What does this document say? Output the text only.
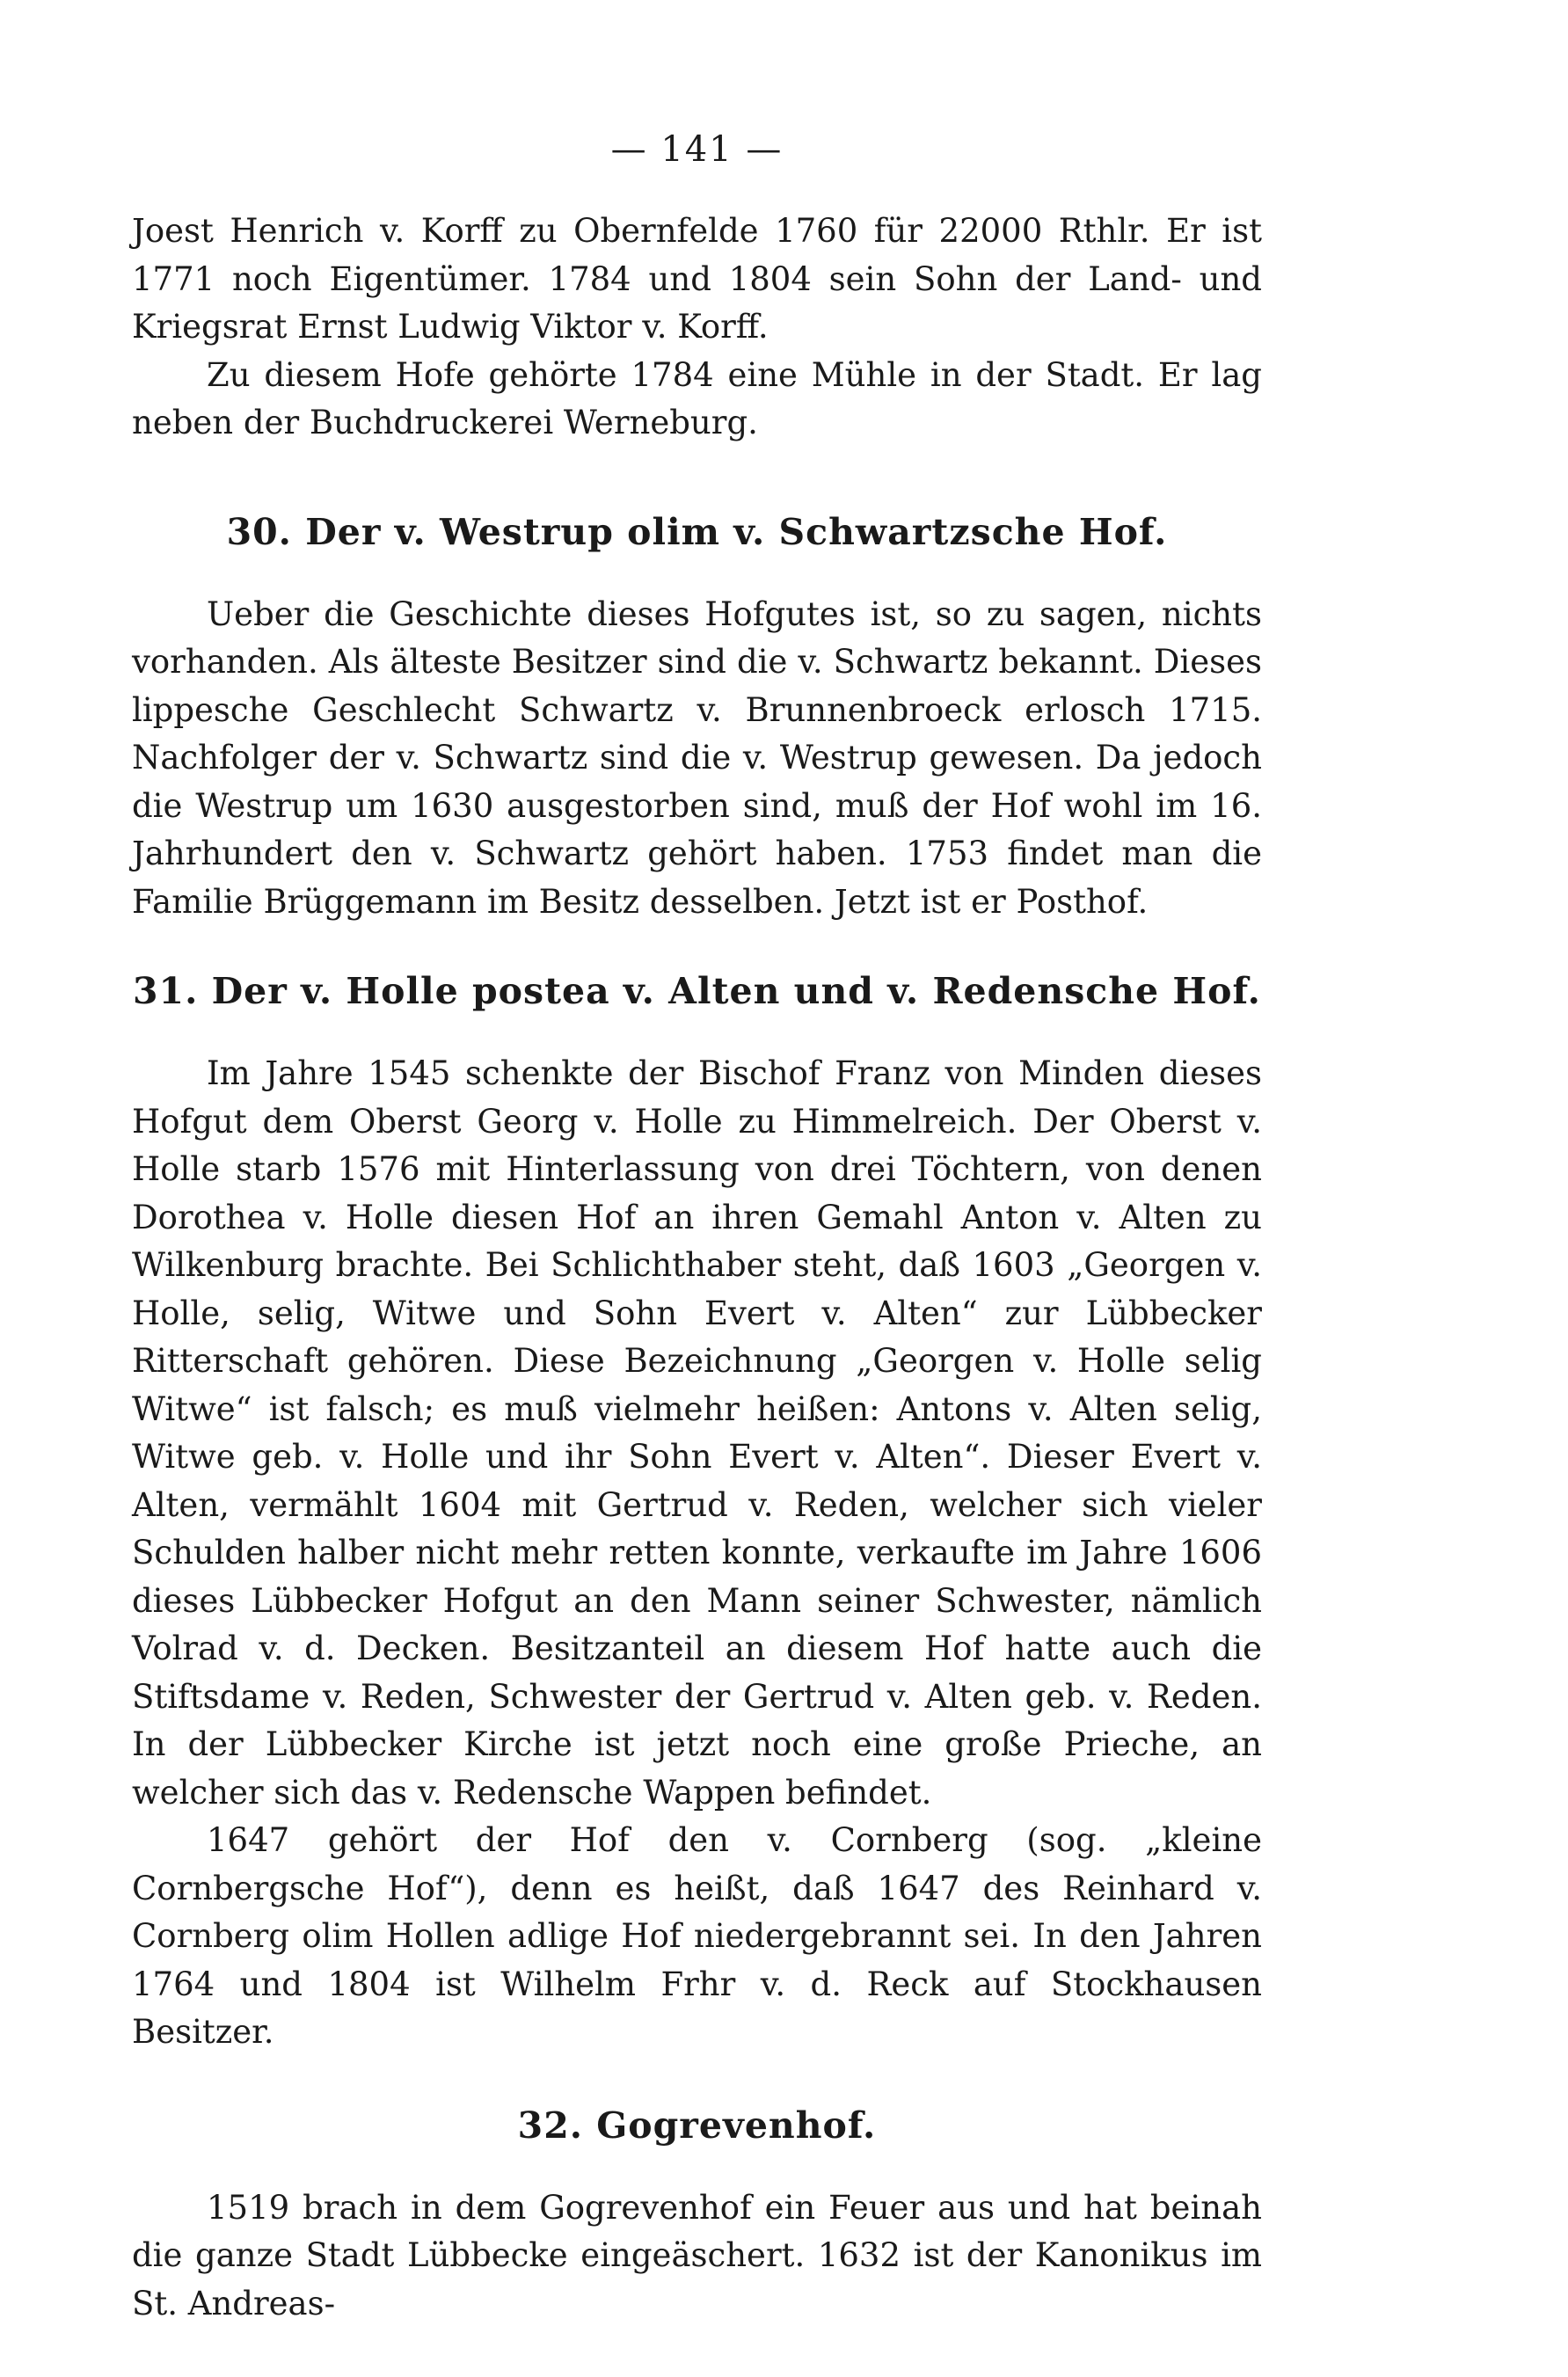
— 141 —

Joest Henrich v. Korff zu Obernfelde 1760 für 22000 Rthlr. Er ist 1771 noch Eigentümer. 1784 und 1804 sein Sohn der Land- und Kriegsrat Ernst Ludwig Viktor v. Korff.

Zu diesem Hofe gehörte 1784 eine Mühle in der Stadt. Er lag neben der Buchdruckerei Werneburg.

30. Der v. Westrup olim v. Schwartzsche Hof.

Ueber die Geschichte dieses Hofgutes ist, so zu sagen, nichts vorhanden. Als älteste Besitzer sind die v. Schwartz bekannt. Dieses lippesche Geschlecht Schwartz v. Brunnenbroeck erlosch 1715. Nachfolger der v. Schwartz sind die v. Westrup gewesen. Da jedoch die Westrup um 1630 ausgestorben sind, muß der Hof wohl im 16. Jahrhundert den v. Schwartz gehört haben. 1753 findet man die Familie Brüggemann im Besitz desselben. Jetzt ist er Posthof.

31. Der v. Holle postea v. Alten und v. Redensche Hof.

Im Jahre 1545 schenkte der Bischof Franz von Minden dieses Hofgut dem Oberst Georg v. Holle zu Himmelreich. Der Oberst v. Holle starb 1576 mit Hinterlassung von drei Töchtern, von denen Dorothea v. Holle diesen Hof an ihren Gemahl Anton v. Alten zu Wilkenburg brachte. Bei Schlichthaber steht, daß 1603 „Georgen v. Holle, selig, Witwe und Sohn Evert v. Alten“ zur Lübbecker Ritterschaft gehören. Diese Bezeichnung „Georgen v. Holle selig Witwe“ ist falsch; es muß vielmehr heißen: Antons v. Alten selig, Witwe geb. v. Holle und ihr Sohn Evert v. Alten“. Dieser Evert v. Alten, vermählt 1604 mit Gertrud v. Reden, welcher sich vieler Schulden halber nicht mehr retten konnte, verkaufte im Jahre 1606 dieses Lübbecker Hofgut an den Mann seiner Schwester, nämlich Volrad v. d. Decken. Besitzanteil an diesem Hof hatte auch die Stiftsdame v. Reden, Schwester der Gertrud v. Alten geb. v. Reden. In der Lübbecker Kirche ist jetzt noch eine große Prieche, an welcher sich das v. Redensche Wappen befindet.

1647 gehört der Hof den v. Cornberg (sog. „kleine Cornbergsche Hof“), denn es heißt, daß 1647 des Reinhard v. Cornberg olim Hollen adlige Hof niedergebrannt sei. In den Jahren 1764 und 1804 ist Wilhelm Frhr v. d. Reck auf Stockhausen Besitzer.

32. Gogrevenhof.

1519 brach in dem Gogrevenhof ein Feuer aus und hat beinah die ganze Stadt Lübbecke eingeäschert. 1632 ist der Kanonikus im St. Andreas-
